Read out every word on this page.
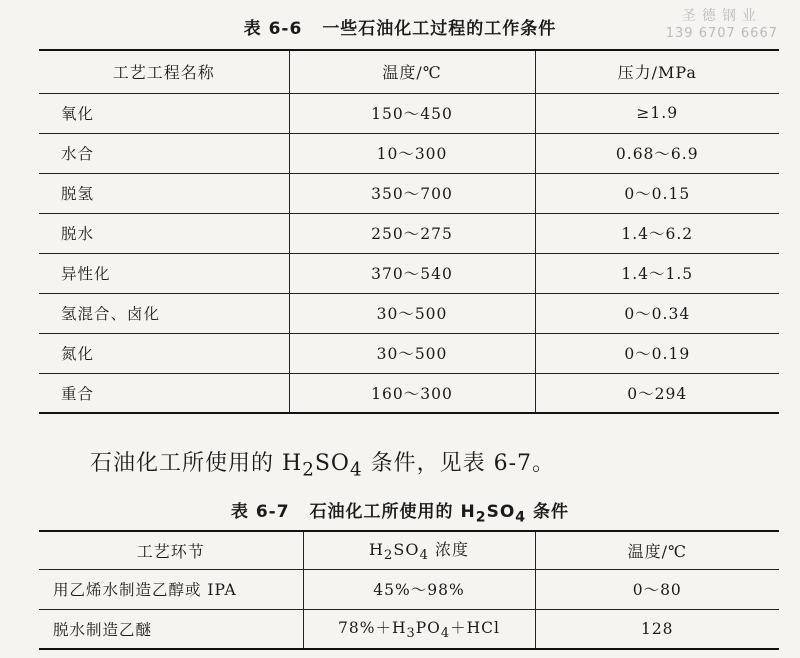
圣德钢业
139 6707 6667
表 6-6 一些石油化工过程的工作条件
工艺工程名称	温度/℃	压力/MPa
氧化	150～450	≥1.9
水合	10～300	0.68～6.9
脱氢	350～700	0～0.15
脱水	250～275	1.4～6.2
异性化	370～540	1.4～1.5
氢混合、卤化	30～500	0～0.34
氮化	30～500	0～0.19
重合	160～300	0～294
石油化工所使用的 $H_2SO_4$ 条件，见表 6-7。
表 6-7 石油化工所使用的 $H_2SO_4$ 条件
工艺环节	$H_2SO_4$ 浓度	温度/℃
用乙烯水制造乙醇或 IPA	45%～98%	0～80
脱水制造乙醚	$78\%+H_3PO_4+HCl$	128
